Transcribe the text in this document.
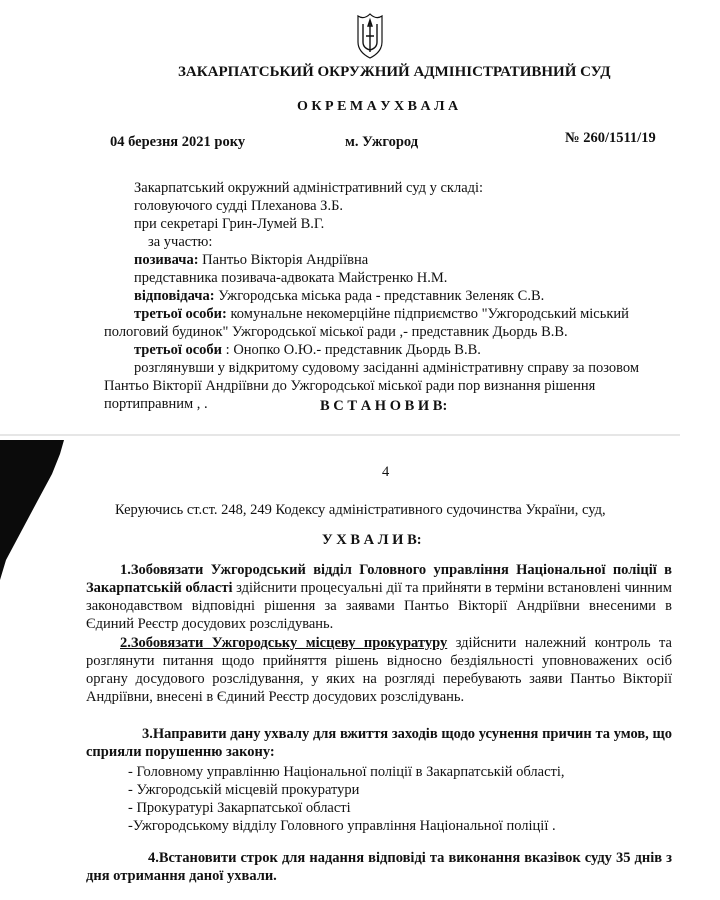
ЗАКАРПАТСЬКИЙ ОКРУЖНИЙ АДМІНІСТРАТИВНИЙ СУД
О К Р Е М А У Х В А Л А
04 березня 2021 року	м. Ужгород	№ 260/1511/19
Закарпатський окружний адміністративний суд у складі:
головуючого судді Плеханова З.Б.
при секретарі Грин-Лумей В.Г.
за участю:
позивача: Пантьо Вікторія Андріївна
представника позивача-адвоката Майстренко Н.М.
відповідача: Ужгородська міська рада - представник Зеленяк С.В.
третьої особи: комунальне некомерційне підприємство "Ужгородський міський
пологовий будинок" Ужгородської міської ради ,- представник Дьордь В.В.
третьої особи : Онопко О.Ю.- представник Дьордь В.В.
розглянувши у відкритому судовому засіданні адміністративну справу за позовом
Пантьо Вікторії Андріївни до Ужгородської міської ради пор визнання рішення
портиправним , .	В С Т А Н О В И В:
4
Керуючись ст.ст. 248, 249 Кодексу адміністративного судочинства України, суд,
У Х В А Л И В:
1.Зобовязати Ужгородський відділ Головного управління Національної поліції в Закарпатській області здійснити процесуальні дії та прийняти в терміни встановлені чинним законодавством відповідні рішення за заявами Пантьо Вікторії Андріївни внесеними в Єдиний Реєстр досудових розслідувань.
2.Зобовязати Ужгородську місцеву прокуратуру здійснити належний контроль та розглянути питання щодо прийняття рішень відносно бездіяльності уповноважених осіб органу досудового розслідування, у яких на розгляді перебувають заяви Пантьо Вікторії Андріївни, внесені в Єдиний Реєстр досудових розслідувань.
3.Направити дану ухвалу для вжиття заходів щодо усунення причин та умов, що сприяли порушенню закону:
- Головному управлінню Національної поліції в Закарпатській області,
- Ужгородській місцевій прокуратури
- Прокуратурі Закарпатської області
-Ужгородському відділу Головного управління Національної поліції .
4.Встановити строк для надання відповіді та виконання вказівок суду 35 днів з дня отримання даної ухвали.
